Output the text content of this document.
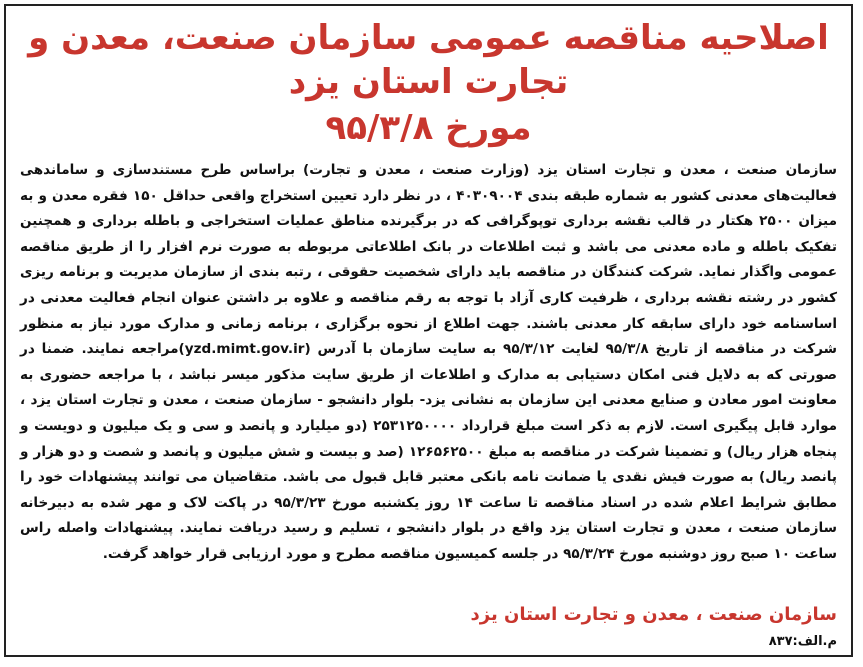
اصلاحیه مناقصه عمومی سازمان صنعت، معدن و تجارت استان یزد
مورخ ۹۵/۳/۸
سازمان صنعت ، معدن و تجارت استان یزد (وزارت صنعت ، معدن و تجارت) براساس طرح مستندسازی و ساماندهی فعالیت‌های معدنی کشور به شماره طبقه بندی ۴۰۳۰۹۰۰۴ ، در نظر دارد تعیین استخراج واقعی حداقل ۱۵۰ فقره معدن و به میزان ۲۵۰۰ هکتار در قالب نقشه برداری توپوگرافی که در برگیرنده مناطق عملیات استخراجی و باطله برداری و همچنین تفکیک باطله و ماده معدنی می باشد و ثبت اطلاعات در بانک اطلاعاتی مربوطه به صورت نرم افزار را از طریق مناقصه عمومی واگذار نماید. شرکت کنندگان در مناقصه باید دارای شخصیت حقوقی ، رتبه بندی از سازمان مدیریت و برنامه ریزی کشور در رشته نقشه برداری ، ظرفیت کاری آزاد با توجه به رقم مناقصه و علاوه بر داشتن عنوان انجام فعالیت معدنی در اساسنامه خود دارای سابقه کار معدنی باشند. جهت اطلاع از نحوه برگزاری ، برنامه زمانی و مدارک مورد نیاز به منظور شرکت در مناقصه از تاریخ ۹۵/۳/۸ لغایت ۹۵/۳/۱۲ به سایت سازمان با آدرس (yzd.mimt.gov.ir)مراجعه نمایند. ضمنا در صورتی که به دلایل فنی امکان دستیابی به مدارک و اطلاعات از طریق سایت مذکور میسر نباشد ، با مراجعه حضوری به معاونت امور معادن و صنایع معدنی این سازمان به نشانی یزد- بلوار دانشجو - سازمان صنعت ، معدن و تجارت استان یزد ، موارد قابل پیگیری است. لازم به ذکر است مبلغ قرارداد ۲۵۳۱۲۵۰۰۰۰ (دو میلیارد و پانصد و سی و یک میلیون و دویست و پنجاه هزار ریال) و تضمینا شرکت در مناقصه به مبلغ ۱۲۶۵۶۲۵۰۰ (صد و بیست و شش میلیون و پانصد و شصت و دو هزار و پانصد ریال) به صورت فیش نقدی یا ضمانت نامه بانکی معتبر قابل قبول می باشد. متقاضیان می توانند پیشنهادات خود را مطابق شرایط اعلام شده در اسناد مناقصه تا ساعت ۱۴ روز یکشنبه مورخ ۹۵/۳/۲۳ در پاکت لاک و مهر شده به دبیرخانه سازمان صنعت ، معدن و تجارت استان یزد واقع در بلوار دانشجو ، تسلیم و رسید دریافت نمایند. پیشنهادات واصله راس ساعت ۱۰ صبح روز دوشنبه مورخ ۹۵/۳/۲۴ در جلسه کمیسیون مناقصه مطرح و مورد ارزیابی قرار خواهد گرفت.
سازمان صنعت ، معدن و تجارت استان یزد
م.الف:۸۳۷
